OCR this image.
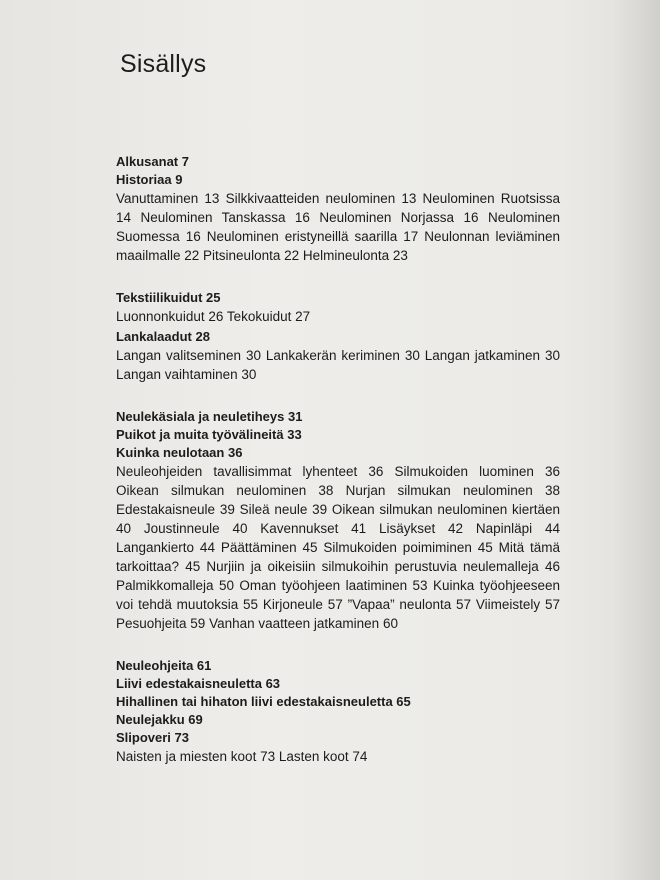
Sisällys
Alkusanat 7
Historiaa 9
Vanuttaminen 13 Silkkivaatteiden neulominen 13 Neulominen Ruotsissa 14 Neulominen Tanskassa 16 Neulominen Norjassa 16 Neulominen Suomessa 16 Neulominen eristyneillä saarilla 17 Neulonnan leviäminen maailmalle 22 Pitsineulonta 22 Helmineulonta 23
Tekstiilikuidut 25
Luonnonkuidut 26 Tekokuidut 27
Lankalaadut 28
Langan valitseminen 30 Lankakerän keriminen 30 Langan jatkaminen 30 Langan vaihtaminen 30
Neulekäsiala ja neuletiheys 31
Puikot ja muita työvälineitä 33
Kuinka neulotaan 36
Neuleohjeiden tavallisimmat lyhenteet 36 Silmukoiden luominen 36 Oikean silmukan neulominen 38 Nurjan silmukan neulominen 38 Edestakaisneule 39 Sileä neule 39 Oikean silmukan neulominen kiertäen 40 Joustinneule 40 Kavennukset 41 Lisäykset 42 Napinläpi 44 Langankierto 44 Päättäminen 45 Silmukoiden poimiminen 45 Mitä tämä tarkoittaa? 45 Nurjiin ja oikeisiin silmukoihin perustuvia neulemalleja 46 Palmikkomalleja 50 Oman työohjeen laatiminen 53 Kuinka työohjeeseen voi tehdä muutoksia 55 Kirjoneule 57 ”Vapaa” neulonta 57 Viimeistely 57 Pesuohjeita 59 Vanhan vaatteen jatkaminen 60
Neuleohjeita 61
Liivi edestakaisneuletta 63
Hihallinen tai hihaton liivi edestakaisneuletta 65
Neulejakku 69
Slipoveri 73
Naisten ja miesten koot 73 Lasten koot 74
